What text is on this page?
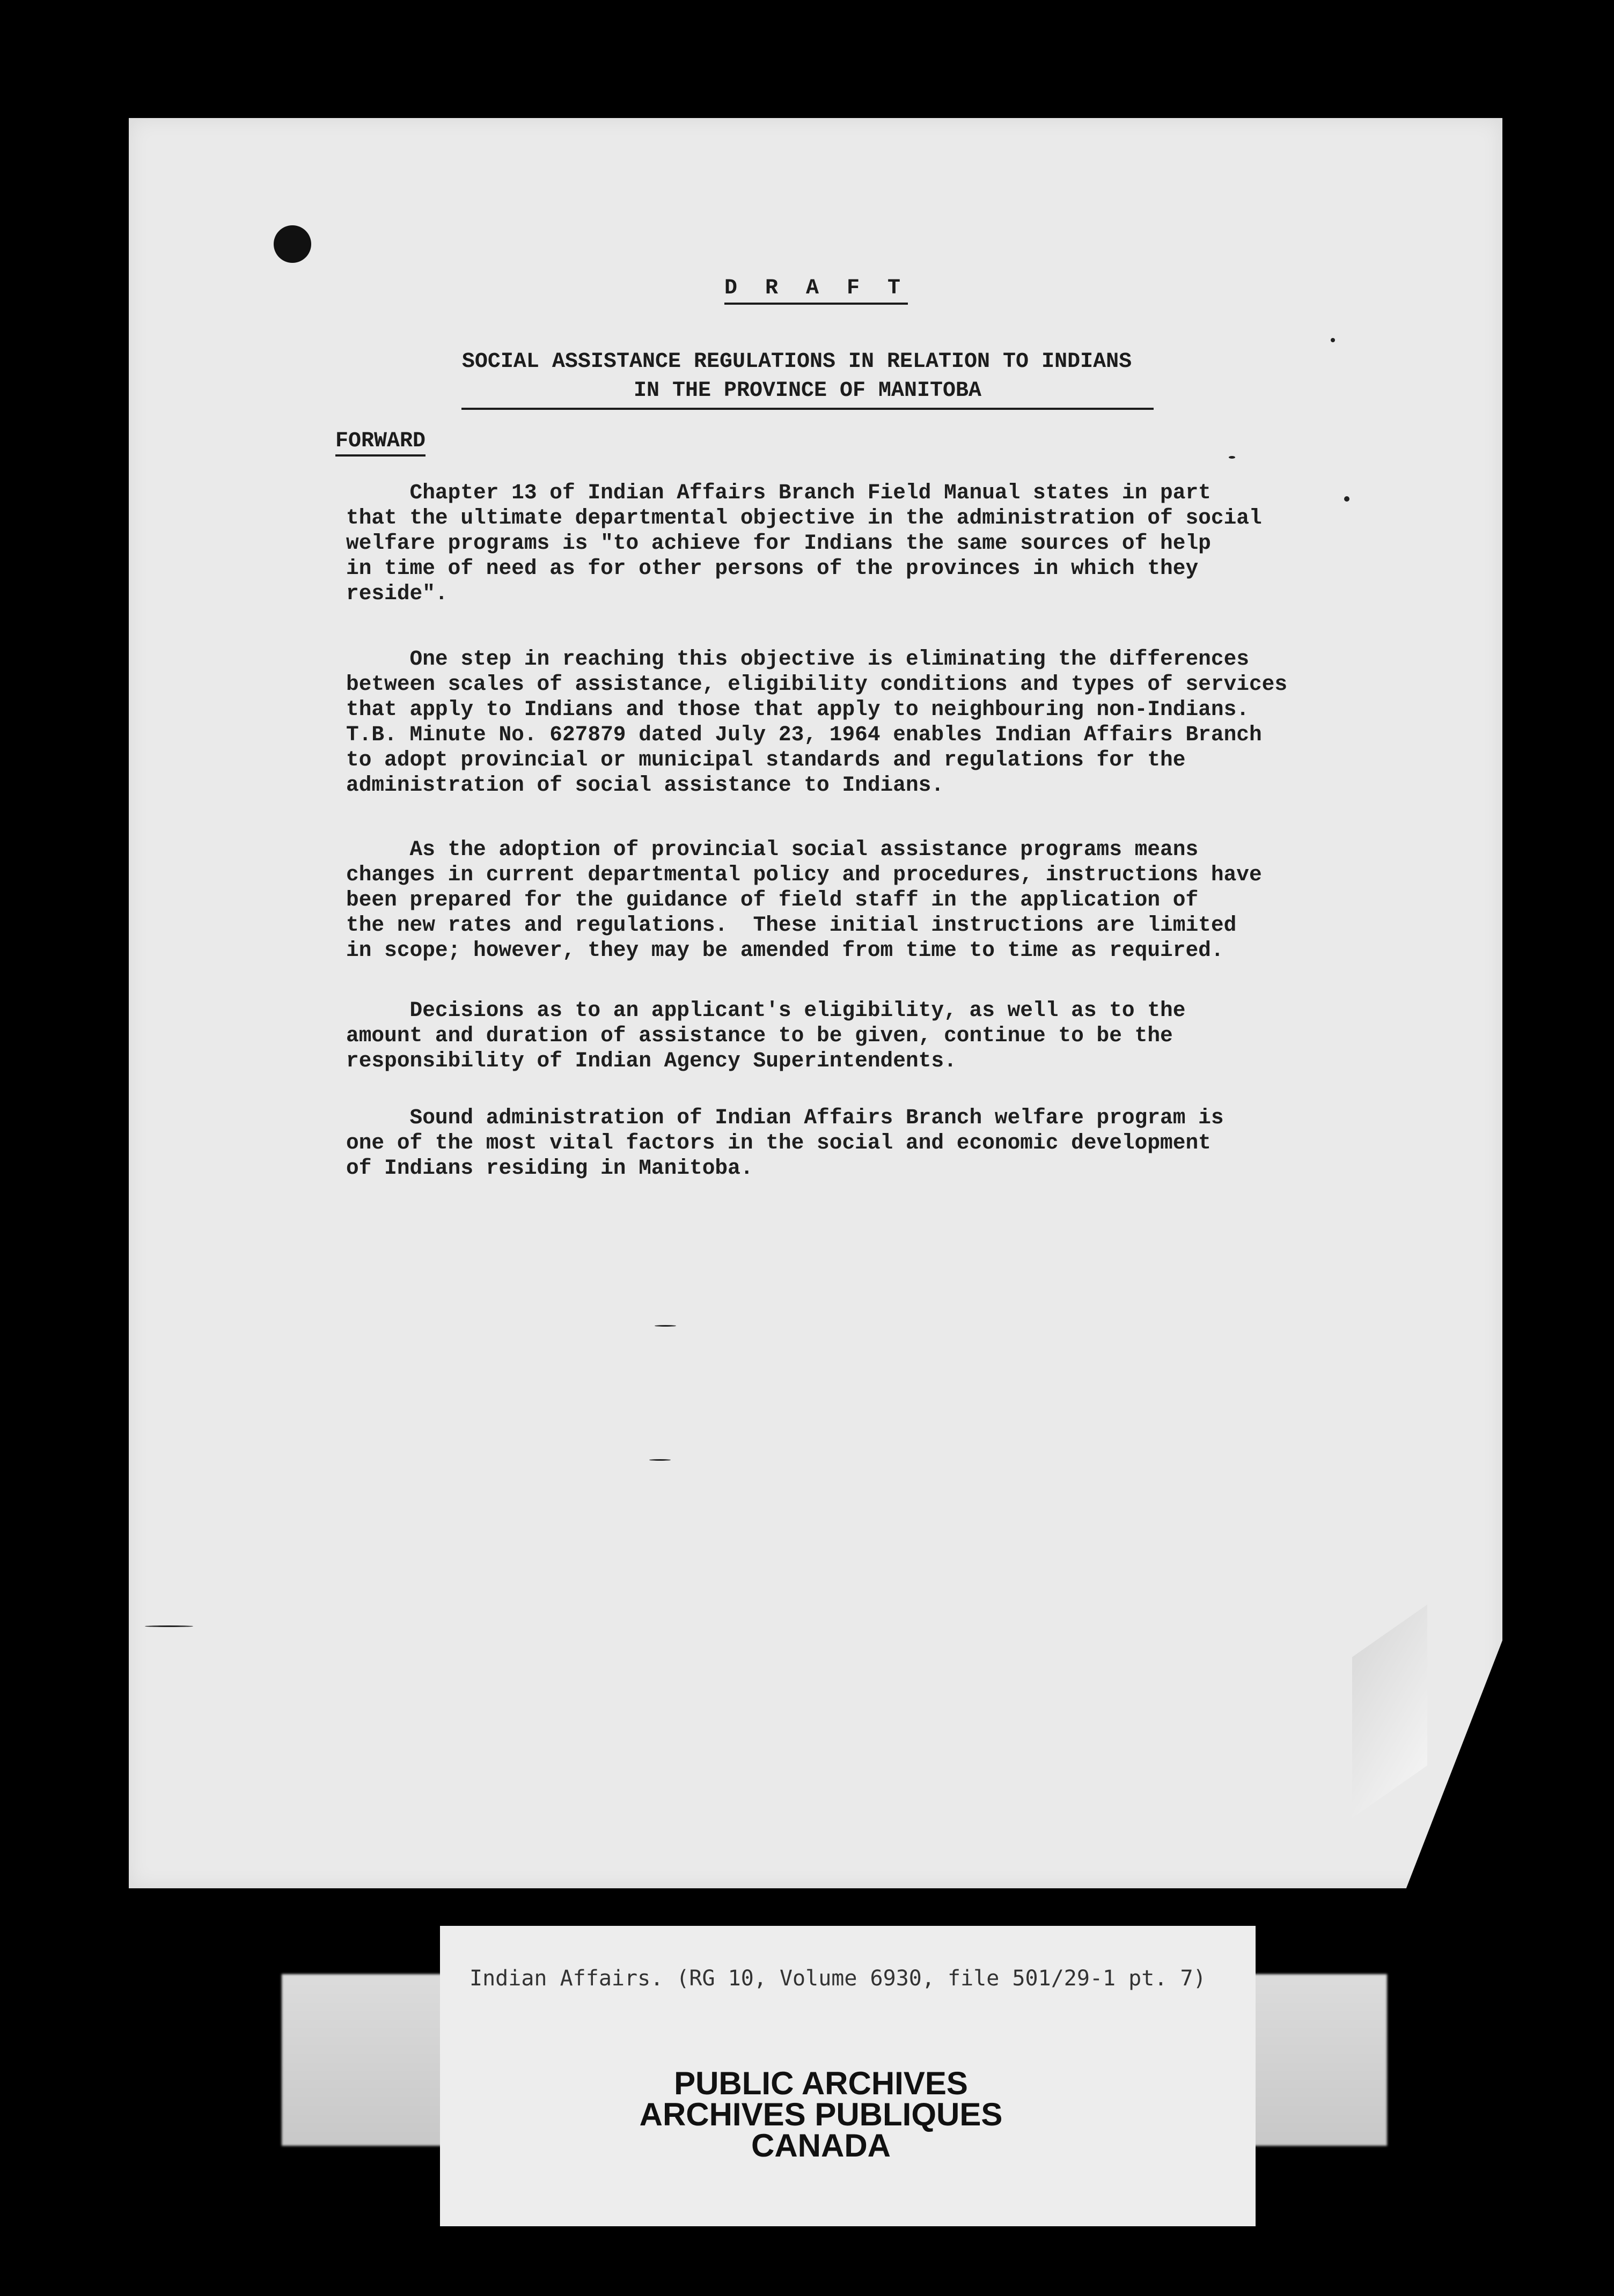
D R A F T
SOCIAL ASSISTANCE REGULATIONS IN RELATION TO INDIANS
IN THE PROVINCE OF MANITOBA
FORWARD
Chapter 13 of Indian Affairs Branch Field Manual states in part
that the ultimate departmental objective in the administration of social
welfare programs is "to achieve for Indians the same sources of help
in time of need as for other persons of the provinces in which they
reside".
One step in reaching this objective is eliminating the differences
between scales of assistance, eligibility conditions and types of services
that apply to Indians and those that apply to neighbouring non-Indians.
T.B. Minute No. 627879 dated July 23, 1964 enables Indian Affairs Branch
to adopt provincial or municipal standards and regulations for the
administration of social assistance to Indians.
As the adoption of provincial social assistance programs means
changes in current departmental policy and procedures, instructions have
been prepared for the guidance of field staff in the application of
the new rates and regulations.  These initial instructions are limited
in scope; however, they may be amended from time to time as required.
Decisions as to an applicant's eligibility, as well as to the
amount and duration of assistance to be given, continue to be the
responsibility of Indian Agency Superintendents.
Sound administration of Indian Affairs Branch welfare program is
one of the most vital factors in the social and economic development
of Indians residing in Manitoba.
Indian Affairs. (RG 10, Volume 6930, file 501/29-1 pt. 7)
PUBLIC ARCHIVES
ARCHIVES PUBLIQUES
CANADA
